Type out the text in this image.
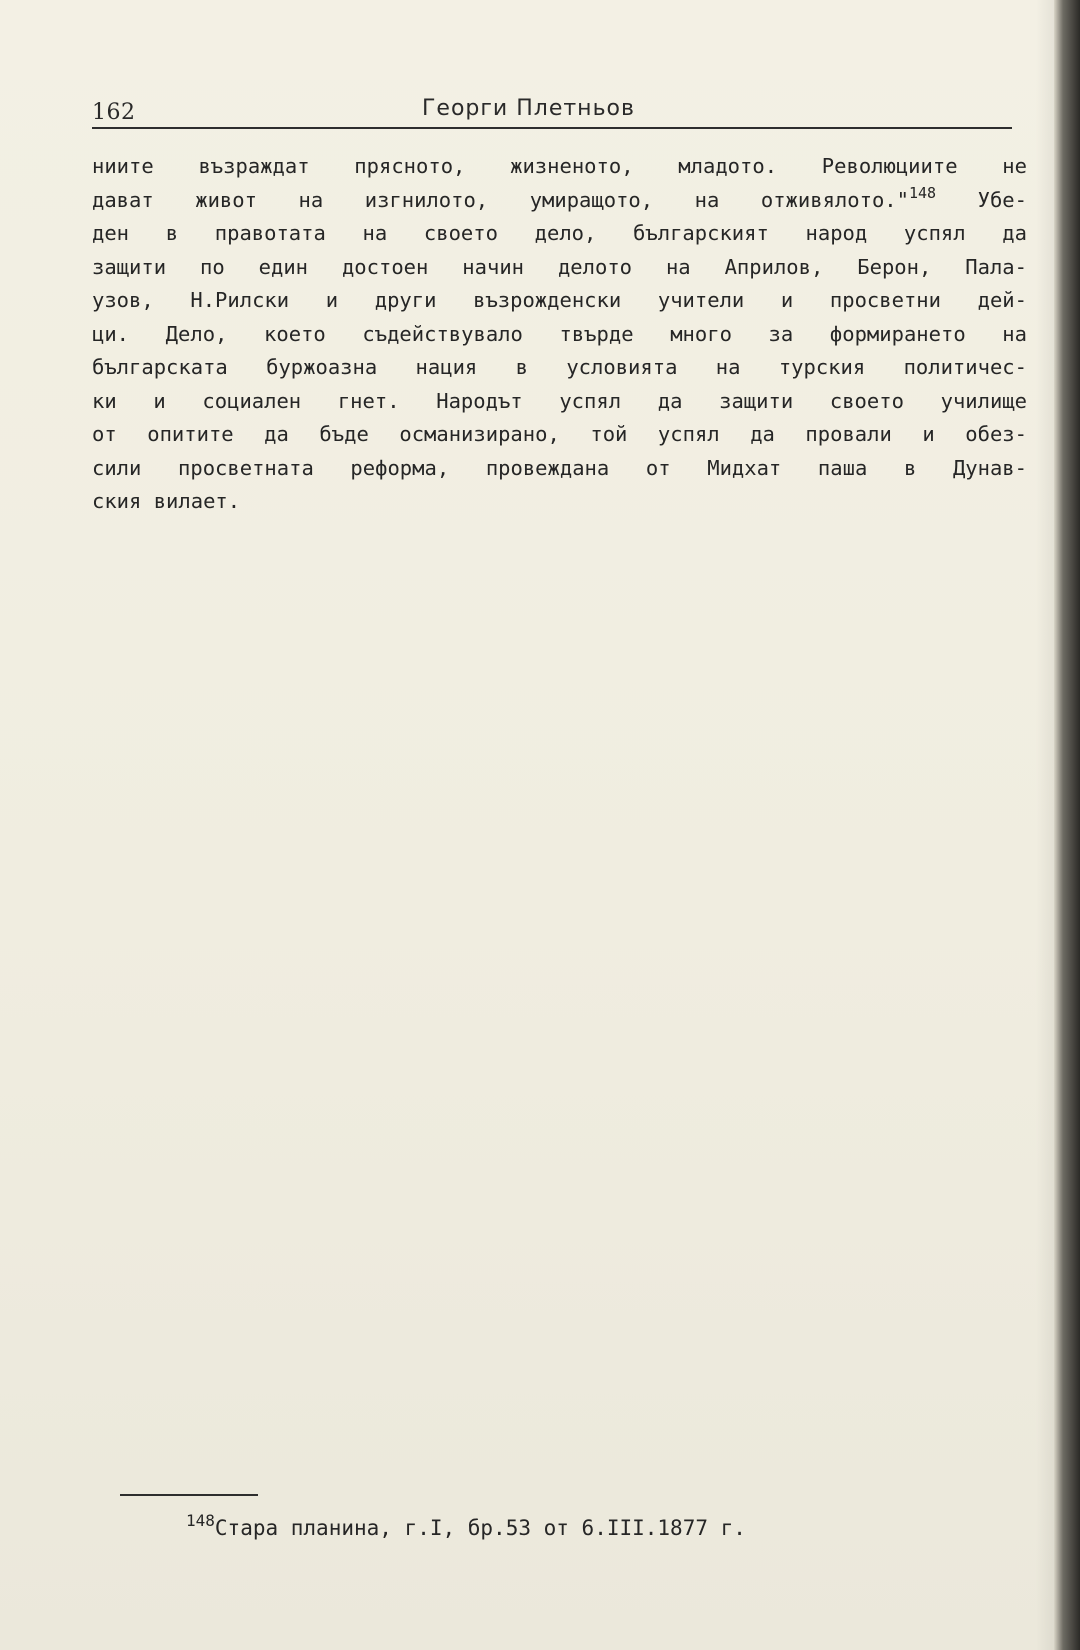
162	Георги Плетньов
ниите възраждат прясното, жизненото, младото. Революциите не
дават живот на изгнилото, умиращото, на отживялото."$^{148}$ Убе-
ден в правотата на своето дело, българският народ успял да
защити по един достоен начин делото на Априлов, Берон, Пала-
узов, Н.Рилски и други възрожденски учители и просветни дей-
ци. Дело, което съдействувало твърде много за формирането на
българската буржоазна нация в условията на турския политичес-
ки и социален гнет. Народът успял да защити своето училище
от опитите да бъде османизирано, той успял да провали и обез-
сили просветната реформа, провеждана от Мидхат паша в Дунав-
ския вилает.
$^{148}$Стара планина, г.I, бр.53 от 6.III.1877 г.
